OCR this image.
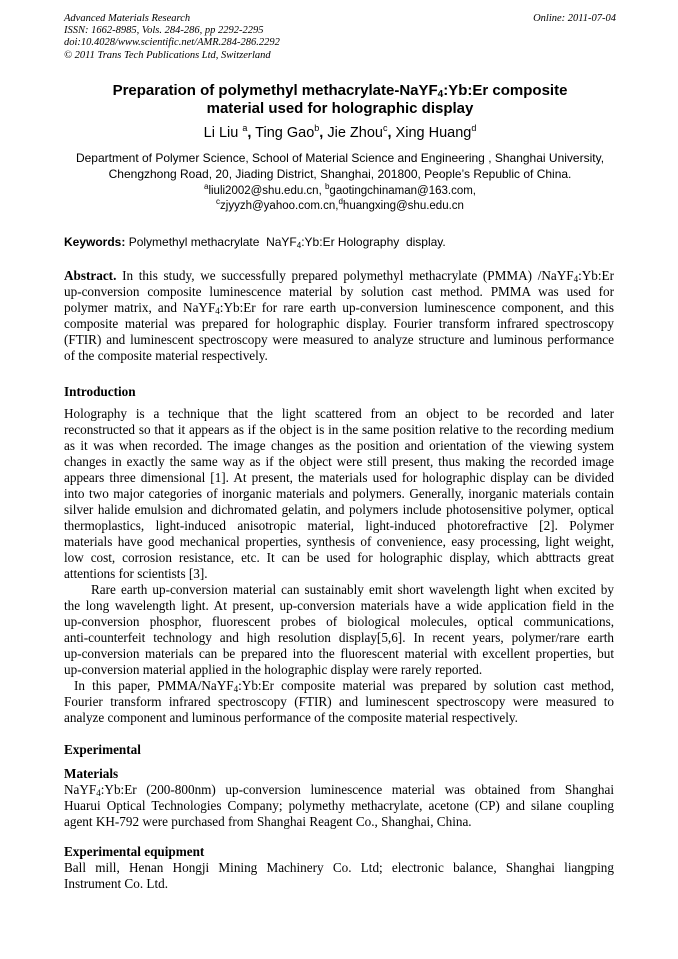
Advanced Materials Research
ISSN: 1662-8985, Vols. 284-286, pp 2292-2295
doi:10.4028/www.scientific.net/AMR.284-286.2292
© 2011 Trans Tech Publications Ltd, Switzerland
Online: 2011-07-04
Preparation of polymethyl methacrylate-NaYF$_4$:Yb:Er composite
material used for holographic display
Li Liu $^a$, Ting Gao$^b$, Jie Zhou$^c$, Xing Huang$^d$
Department of Polymer Science, School of Material Science and Engineering , Shanghai University,
Chengzhong Road, 20, Jiading District, Shanghai, 201800, People’s Republic of China.
$^a$liuli2002@shu.edu.cn, $^b$gaotingchinaman@163.com,
$^c$zjyyzh@yahoo.com.cn,$^d$huangxing@shu.edu.cn
Keywords: Polymethyl methacrylate  NaYF$_4$:Yb:Er Holography  display.
Abstract. In this study, we successfully prepared polymethyl methacrylate (PMMA) /NaYF$_4$:Yb:Er
up-conversion composite luminescence material by solution cast method. PMMA was used for
polymer matrix, and NaYF$_4$:Yb:Er for rare earth up-conversion luminescence component, and this
composite material was prepared for holographic display. Fourier transform infrared spectroscopy
(FTIR) and luminescent spectroscopy were measured to analyze structure and luminous performance
of the composite material respectively.
Introduction
Holography is a technique that the light scattered from an object to be recorded and later
reconstructed so that it appears as if the object is in the same position relative to the recording medium
as it was when recorded. The image changes as the position and orientation of the viewing system
changes in exactly the same way as if the object were still present, thus making the recorded image
appears three dimensional [1]. At present, the materials used for holographic display can be divided
into two major categories of inorganic materials and polymers. Generally, inorganic materials contain
silver halide emulsion and dichromated gelatin, and polymers include photosensitive polymer, optical
thermoplastics, light-induced anisotropic material, light-induced photorefractive [2]. Polymer
materials have good mechanical properties, synthesis of convenience, easy processing, light weight,
low cost, corrosion resistance, etc. It can be used for holographic display, which abttracts great
attentions for scientists [3].
Rare earth up-conversion material can sustainably emit short wavelength light when excited by
the long wavelength light. At present, up-conversion materials have a wide application field in the
up-conversion phosphor, fluorescent probes of biological molecules, optical communications,
anti-counterfeit technology and high resolution display[5,6]. In recent years, polymer/rare earth
up-conversion materials can be prepared into the fluorescent material with excellent properties, but
up-conversion material applied in the holographic display were rarely reported.
In this paper, PMMA/NaYF$_4$:Yb:Er composite material was prepared by solution cast method,
Fourier transform infrared spectroscopy (FTIR) and luminescent spectroscopy were measured to
analyze component and luminous performance of the composite material respectively.
Experimental
Materials
NaYF$_4$:Yb:Er (200-800nm) up-conversion luminescence material was obtained from Shanghai
Huarui Optical Technologies Company; polymethy methacrylate, acetone (CP) and silane coupling
agent KH-792 were purchased from Shanghai Reagent Co., Shanghai, China.
Experimental equipment
Ball mill, Henan Hongji Mining Machinery Co. Ltd; electronic balance, Shanghai liangping
Instrument Co. Ltd.
